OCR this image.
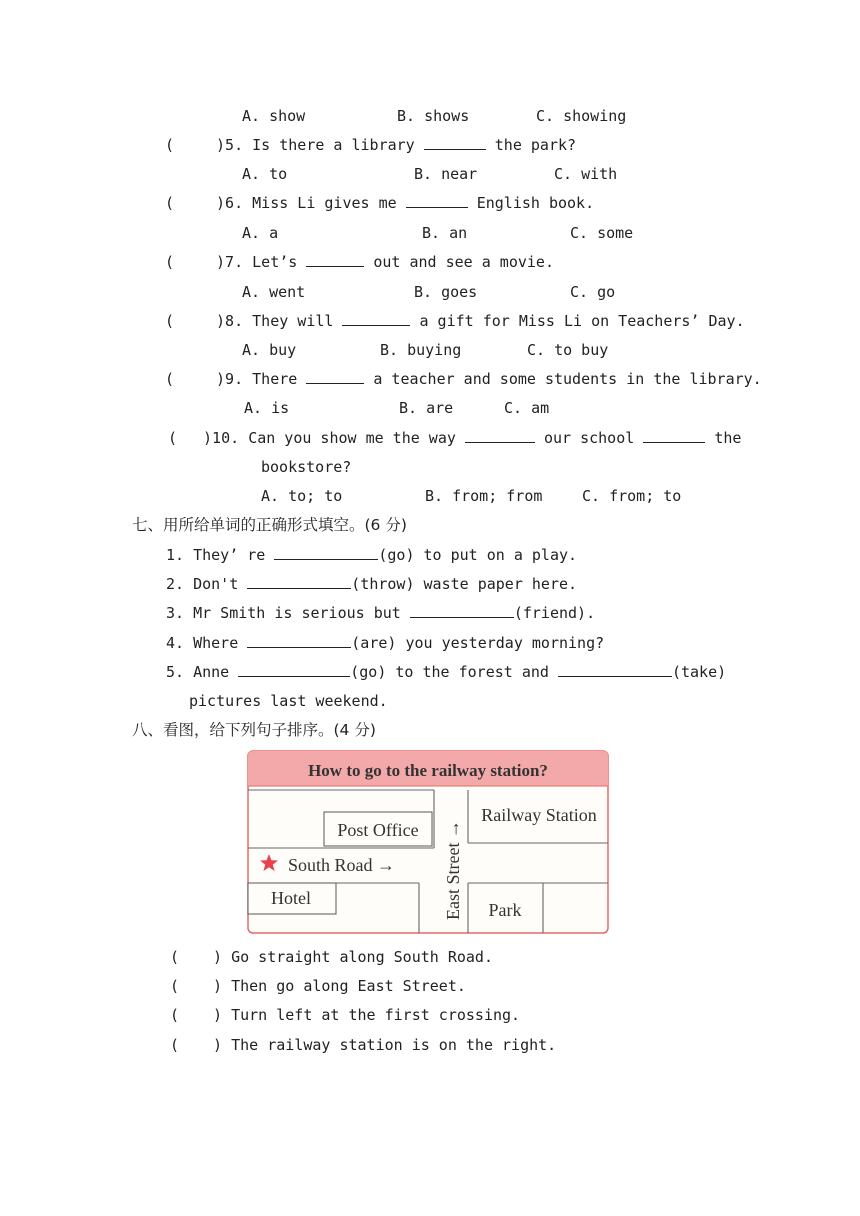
A. show	B. shows	C. showing
(	)5. Is there a library	the park?
A. to	B. near	C. with
(	)6. Miss Li gives me	English book.
A. a	B. an	C. some
(	)7. Let’s	out and see a movie.
A. went	B. goes	C. go
(	)8. They will	a gift for Miss Li on Teachers’ Day.
A. buy	B. buying	C. to buy
(	)9. There	a teacher and some students in the library.
A. is	B. are	C. am
( )10. Can you show me the way	our school	the
bookstore?
A. to; to	B. from; from	C. from; to
七、用所给单词的正确形式填空。(6 分)
1. They’ re	(go) to put on a play.
2. Don't	(throw) waste paper here.
3. Mr Smith is serious but	(friend).
4. Where	(are) you yesterday morning?
5. Anne	(go) to the forest and	(take)
pictures last weekend.
八、看图，给下列句子排序。(4 分)
How to go to the railway station?
Post Office
Railway Station
South Road →
Hotel	East Street → Park
( ) Go straight along South Road.
( ) Then go along East Street.
( ) Turn left at the first crossing.
( ) The railway station is on the right.
